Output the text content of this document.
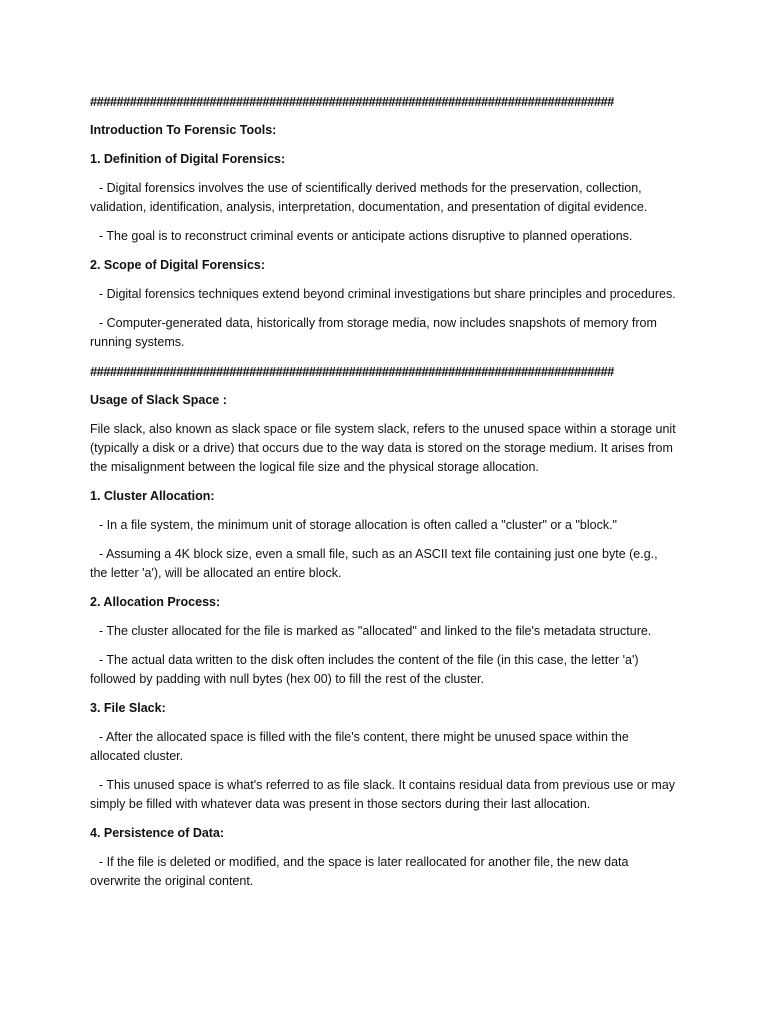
###############################################################################
Introduction To Forensic Tools:
1. Definition of Digital Forensics:
- Digital forensics involves the use of scientifically derived methods for the preservation, collection, validation, identification, analysis, interpretation, documentation, and presentation of digital evidence.
- The goal is to reconstruct criminal events or anticipate actions disruptive to planned operations.
2. Scope of Digital Forensics:
- Digital forensics techniques extend beyond criminal investigations but share principles and procedures.
- Computer-generated data, historically from storage media, now includes snapshots of memory from running systems.
###############################################################################
Usage of Slack Space :
File slack, also known as slack space or file system slack, refers to the unused space within a storage unit (typically a disk or a drive) that occurs due to the way data is stored on the storage medium. It arises from the misalignment between the logical file size and the physical storage allocation.
1. Cluster Allocation:
- In a file system, the minimum unit of storage allocation is often called a "cluster" or a "block."
- Assuming a 4K block size, even a small file, such as an ASCII text file containing just one byte (e.g., the letter 'a'), will be allocated an entire block.
2. Allocation Process:
- The cluster allocated for the file is marked as "allocated" and linked to the file's metadata structure.
- The actual data written to the disk often includes the content of the file (in this case, the letter 'a') followed by padding with null bytes (hex 00) to fill the rest of the cluster.
3. File Slack:
- After the allocated space is filled with the file's content, there might be unused space within the allocated cluster.
- This unused space is what's referred to as file slack. It contains residual data from previous use or may simply be filled with whatever data was present in those sectors during their last allocation.
4. Persistence of Data:
- If the file is deleted or modified, and the space is later reallocated for another file, the new data overwrite the original content.
